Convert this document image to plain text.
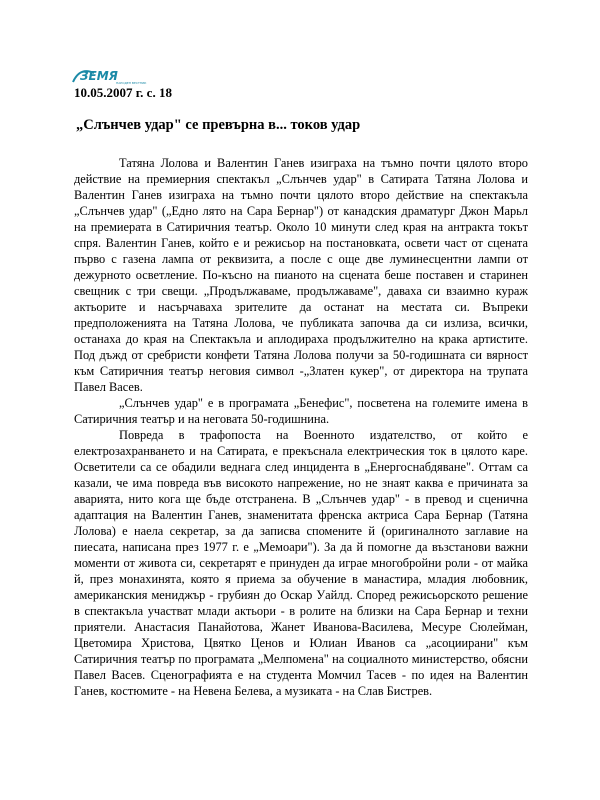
ЗЕМЯ
НАРОДЕН ВЕСТНИК
10.05.2007 г. с. 18
„Слънчев удар" се превърна в... токов удар

Татяна Лолова и Валентин Ганев изиграха на тъмно почти цялото второ действие на премиерния спектакъл „Слънчев удар" в Сатирата Татяна Лолова и Валентин Ганев изиграха на тъмно почти цялото второ действие на спектакъла „Слънчев удар" („Едно лято на Сара Бернар") от канадския драматург Джон Марьл на премиерата в Сатиричния театър. Около 10 минути след края на антракта токът спря. Валентин Ганев, който е и режисьор на постановката, освети част от сцената първо с газена лампа от реквизита, а после с още две луминесцентни лампи от дежурното осветление. По-късно на пианото на сцената беше поставен и старинен свещник с три свещи. „Продължаваме, продължаваме", даваха си взаимно кураж актьорите и насърчаваха зрителите да останат на местата си. Въпреки предположенията на Татяна Лолова, че публиката започва да си излиза, всички, останаха до края на Спектакъла и аплодираха продължително на крака артистите. Под дъжд от сребристи конфети Татяна Лолова получи за 50-годишната си вярност към Сатиричния театър неговия символ -„Златен кукер", от директора на трупата Павел Васев.

„Слънчев удар" е в програмата „Бенефис", посветена на големите имена в Сатиричния театър и на неговата 50-годишнина.

Повреда в трафопоста на Военното издателство, от който е електрозахранването и на Сатирата, е прекъснала електрическия ток в цялото каре. Осветители са се обадили веднага след инцидента в „Енергоснабдяване". Оттам са казали, че има повреда във високото напрежение, но не знаят каква е причината за аварията, нито кога ще бъде отстранена. В „Слънчев удар" - в превод и сценична адаптация на Валентин Ганев, знаменитата френска актриса Сара Бернар (Татяна Лолова) е наела секретар, за да записва спомените й (оригиналното заглавие на пиесата, написана през 1977 г. е „Мемоари"). За да й помогне да възстанови важни моменти от живота си, секретарят е принуден да играе многобройни роли - от майка й, през монахинята, която я приема за обучение в манастира, младия любовник, американския мениджър - грубиян до Оскар Уайлд. Според режисьорското решение в спектакъла участват млади актьори - в ролите на близки на Сара Бернар и техни приятели. Анастасия Панайотова, Жанет Иванова-Василева, Месуре Сюлейман, Цветомира Христова, Цвятко Ценов и Юлиан Иванов са „асоциирани" към Сатиричния театър по програмата „Мелпомена" на социалното министерство, обясни Павел Васев. Сценографията е на студента Момчил Тасев - по идея на Валентин Ганев, костюмите - на Невена Белева, а музиката - на Слав Бистрев.
